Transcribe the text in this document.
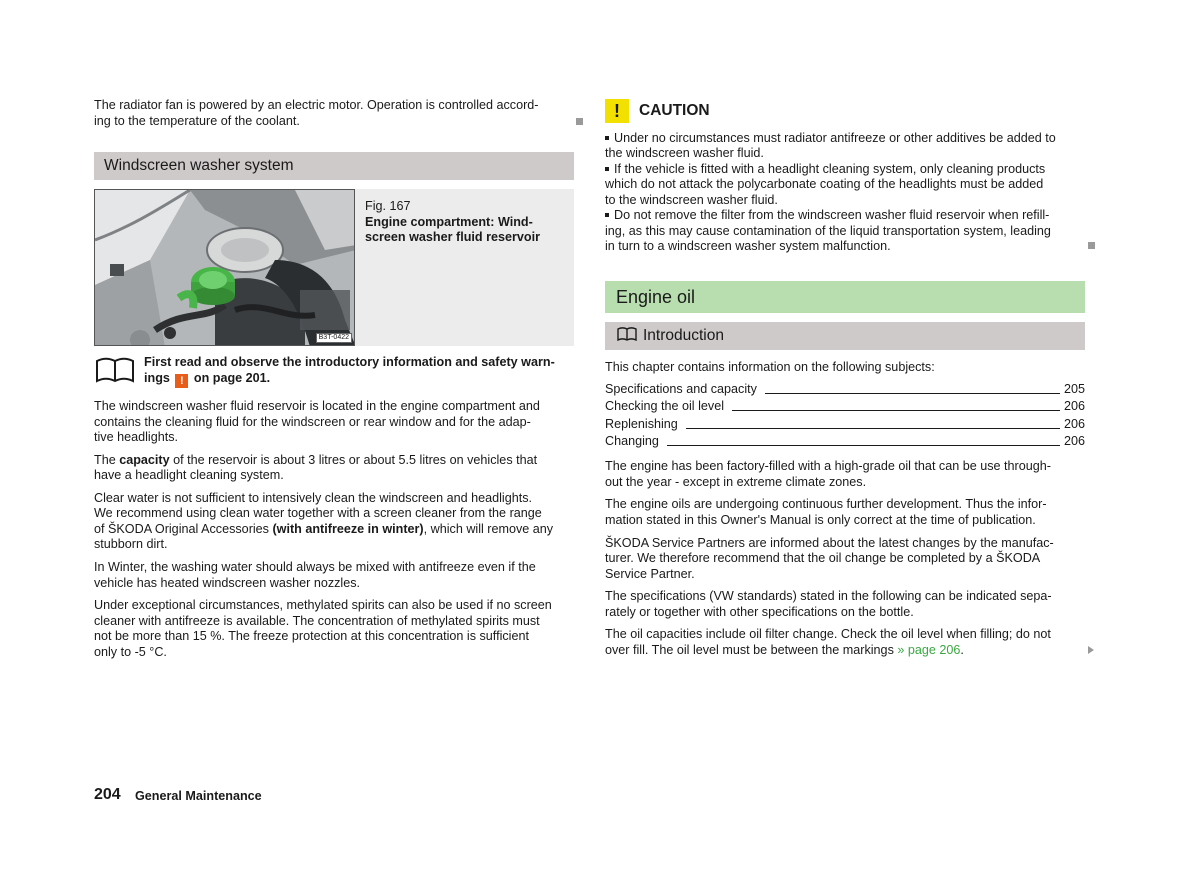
The radiator fan is powered by an electric motor. Operation is controlled accord-

ing to the temperature of the coolant.

Windscreen washer system
B3T-0422
Fig. 167
Engine compartment: Wind-
screen washer fluid reservoir

First read and observe the introductory information and safety warn-

ings ! on page 201.

The windscreen washer fluid reservoir is located in the engine compartment and

contains the cleaning fluid for the windscreen or rear window and for the adap-

tive headlights.

The capacity of the reservoir is about 3 litres or about 5.5 litres on vehicles that

have a headlight cleaning system.

Clear water is not sufficient to intensively clean the windscreen and headlights.

We recommend using clean water together with a screen cleaner from the range

of ŠKODA Original Accessories (with antifreeze in winter), which will remove any

stubborn dirt.

In Winter, the washing water should always be mixed with antifreeze even if the

vehicle has heated windscreen washer nozzles.

Under exceptional circumstances, methylated spirits can also be used if no screen

cleaner with antifreeze is available. The concentration of methylated spirits must

not be more than 15 %. The freeze protection at this concentration is sufficient

only to -5 °C.

!	CAUTION

Under no circumstances must radiator antifreeze or other additives be added to

the windscreen washer fluid.

If the vehicle is fitted with a headlight cleaning system, only cleaning products

which do not attack the polycarbonate coating of the headlights must be added

to the windscreen washer fluid.

Do not remove the filter from the windscreen washer fluid reservoir when refill-

ing, as this may cause contamination of the liquid transportation system, leading

in turn to a windscreen washer system malfunction.

Engine oil
Introduction

This chapter contains information on the following subjects:

Specifications and capacity	205
Checking the oil level	206
Replenishing	206
Changing	206

The engine has been factory-filled with a high-grade oil that can be use through-

out the year - except in extreme climate zones.

The engine oils are undergoing continuous further development. Thus the infor-

mation stated in this Owner's Manual is only correct at the time of publication.

ŠKODA Service Partners are informed about the latest changes by the manufac-

turer. We therefore recommend that the oil change be completed by a ŠKODA

Service Partner.

The specifications (VW standards) stated in the following can be indicated sepa-

rately or together with other specifications on the bottle.

The oil capacities include oil filter change. Check the oil level when filling; do not

over fill. The oil level must be between the markings » page 206.

204 General Maintenance
